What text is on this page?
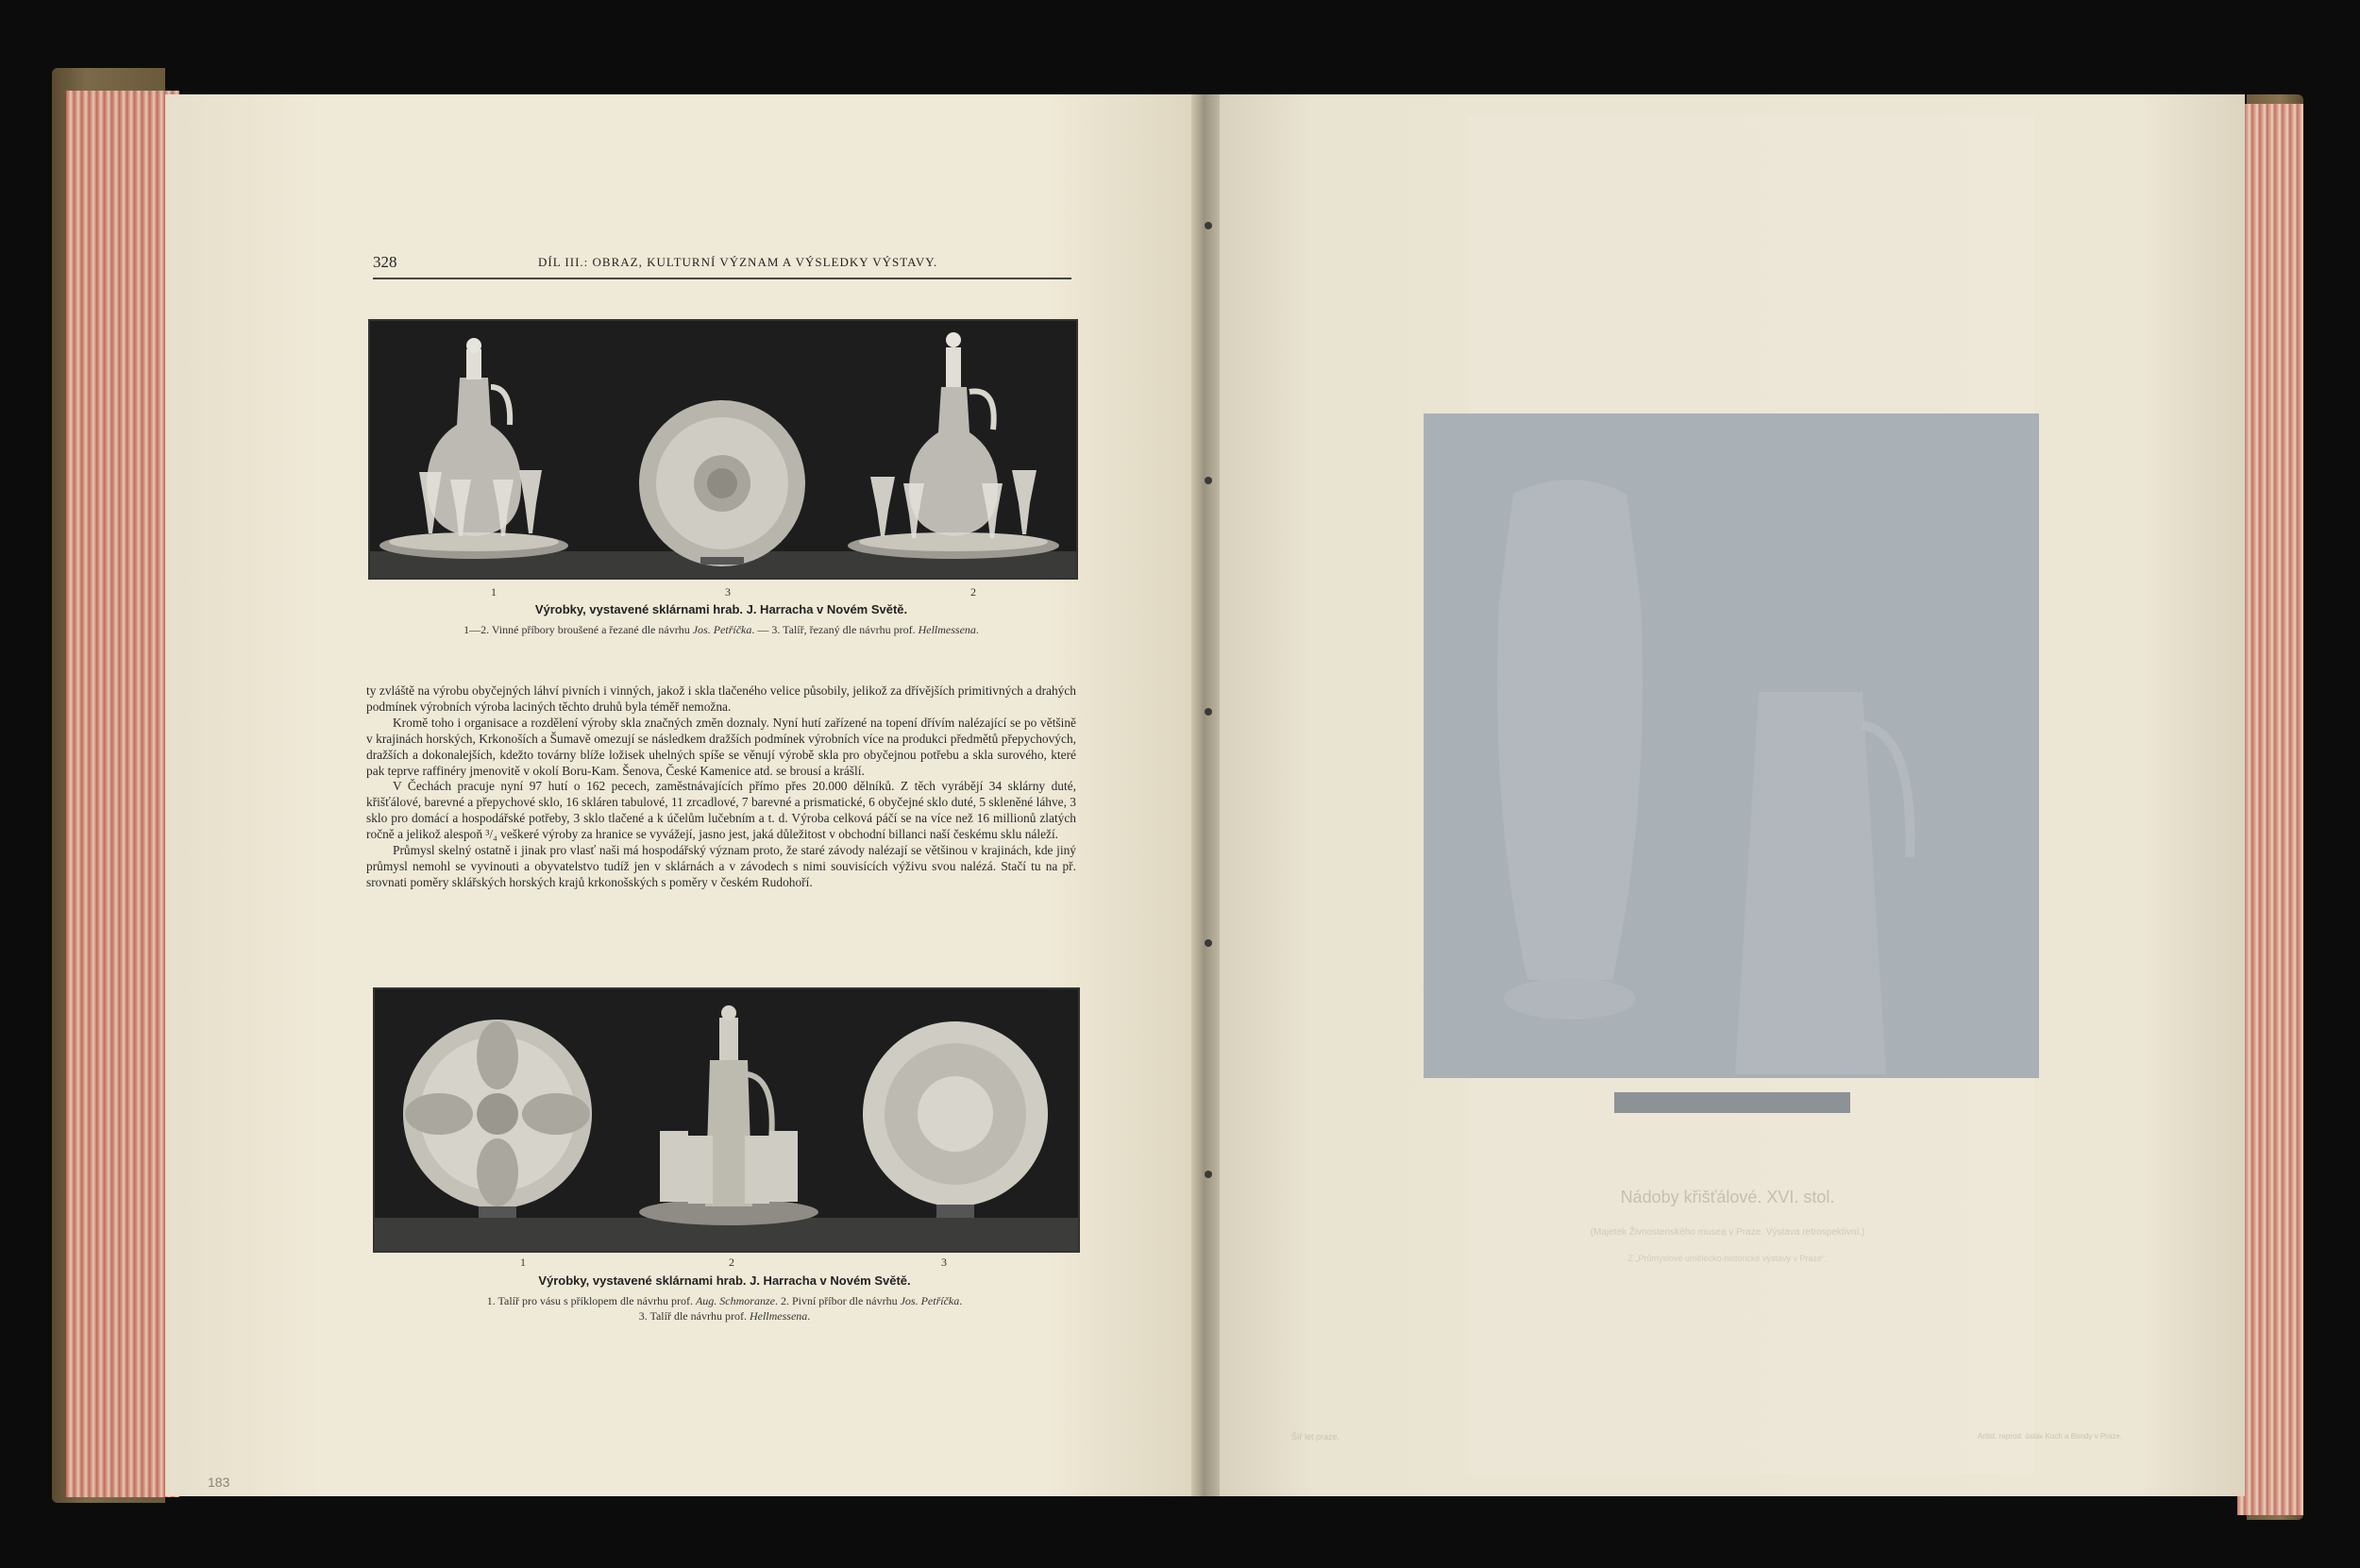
328	DÍL III.: OBRAZ, KULTURNÍ VÝZNAM A VÝSLEDKY VÝSTAVY.
1	3	2
Výrobky, vystavené sklárnami hrab. J. Harracha v Novém Světě.
1—2. Vinné příbory broušené a řezané dle návrhu Jos. Petříčka. — 3. Talíř, řezaný dle návrhu prof. Hellmessena.

ty zvláště na výrobu obyčejných láhví pivních i vinných, jakož i skla tlačeného velice působily, jelikož za dřívějších primitivných a drahých podmínek výrobních výroba laciných těchto druhů byla téměř nemožna.

Kromě toho i organisace a rozdělení výroby skla značných změn doznaly. Nyní hutí zařízené na topení dřívím nalézající se po většině v krajinách horských, Krkonoších a Šumavě omezují se následkem dražších podmínek výrobních více na produkci předmětů přepychových, dražších a dokonalejších, kdežto továrny blíže ložisek uhelných spíše se věnují výrobě skla pro obyčejnou potřebu a skla surového, které pak teprve raffinéry jmenovitě v okolí Boru-Kam. Šenova, České Kamenice atd. se brousí a krášlí.

V Čechách pracuje nyní 97 hutí o 162 pecech, zaměstnávajících přímo přes 20.000 dělníků. Z těch vyrábějí 34 sklárny duté, křišťálové, barevné a přepychové sklo, 16 skláren tabulové, 11 zrcadlové, 7 barevné a prismatické, 6 obyčejné sklo duté, 5 skleněné láhve, 3 sklo pro domácí a hospodářské potřeby, 3 sklo tlačené a k účelům lučebním a t. d. Výroba celková páčí se na více než 16 millionů zlatých ročně a jelikož alespoň ³/₄ veškeré výroby za hranice se vyvážejí, jasno jest, jaká důležitost v obchodní billanci naší českému sklu náleží.

Průmysl skelný ostatně i jinak pro vlasť naši má hospodářský význam proto, že staré závody nalézají se většinou v krajinách, kde jiný průmysl nemohl se vyvinouti a obyvatelstvo tudíž jen v sklárnách a v závodech s nimi souvisících výživu svou nalézá. Stačí tu na př. srovnati poměry sklářských horských krajů krkonošských s poměry v českém Rudohoří.

1	2	3
Výrobky, vystavené sklárnami hrab. J. Harracha v Novém Světě.
1. Talíř pro vásu s příklopem dle návrhu prof. Aug. Schmoranze. 2. Pivní příbor dle návrhu Jos. Petříčka.
3. Talíř dle návrhu prof. Hellmessena.
183
Nádoby křišťálové. XVI. stol.
(Majetek Živnostenského musea v Praze. Výstava retrospektivní.)
Z „Průmyslové umělecko-historické výstavy v Praze“.
Šíř let praze.	Artist. reprod. ústav Koch a Bondy v Praze.
